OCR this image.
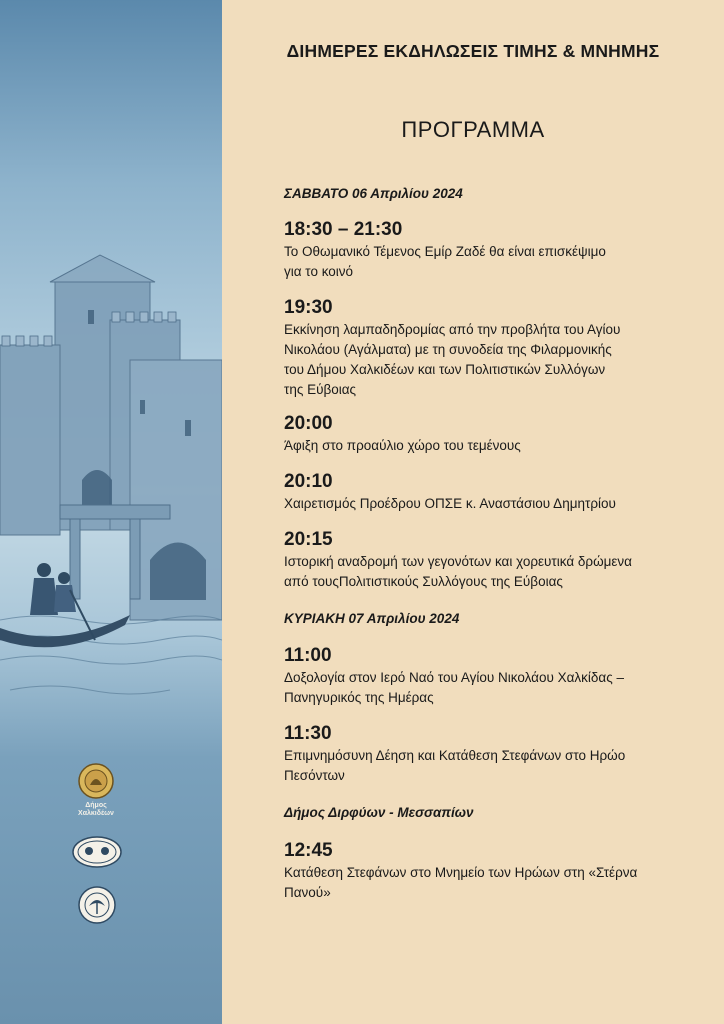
Δήμος
Χαλκιδέων
ΔΙΗΜΕΡΕΣ ΕΚΔΗΛΩΣΕΙΣ ΤΙΜΗΣ & ΜΝΗΜΗΣ
ΠΡΟΓΡΑΜΜΑ
ΣΑΒΒΑΤΟ 06 Απριλίου 2024
18:30 – 21:30
Το Οθωμανικό Τέμενος Εμίρ Ζαδέ θα είναι επισκέψιμο
για το κοινό
19:30
Εκκίνηση λαμπαδηδρομίας από την προβλήτα του Αγίου
Νικολάου (Αγάλματα) με τη συνοδεία της Φιλαρμονικής
του Δήμου Χαλκιδέων και των Πολιτιστικών Συλλόγων
της Εύβοιας
20:00
Άφιξη στο προαύλιο χώρο του τεμένους
20:10
Χαιρετισμός Προέδρου ΟΠΣΕ κ. Αναστάσιου Δημητρίου
20:15
Ιστορική αναδρομή των γεγονότων και χορευτικά δρώμενα
από τουςΠολιτιστικούς Συλλόγους της Εύβοιας
ΚΥΡΙΑΚΗ 07 Απριλίου 2024
11:00
Δοξολογία στον Ιερό Ναό του Αγίου Νικολάου Χαλκίδας –
Πανηγυρικός της Ημέρας
11:30
Επιμνημόσυνη Δέηση και Κατάθεση Στεφάνων στο Ηρώο
Πεσόντων
Δήμος Διρφύων - Μεσσαπίων
12:45
Κατάθεση Στεφάνων στο Μνημείο των Ηρώων στη «Στέρνα
Πανού»
